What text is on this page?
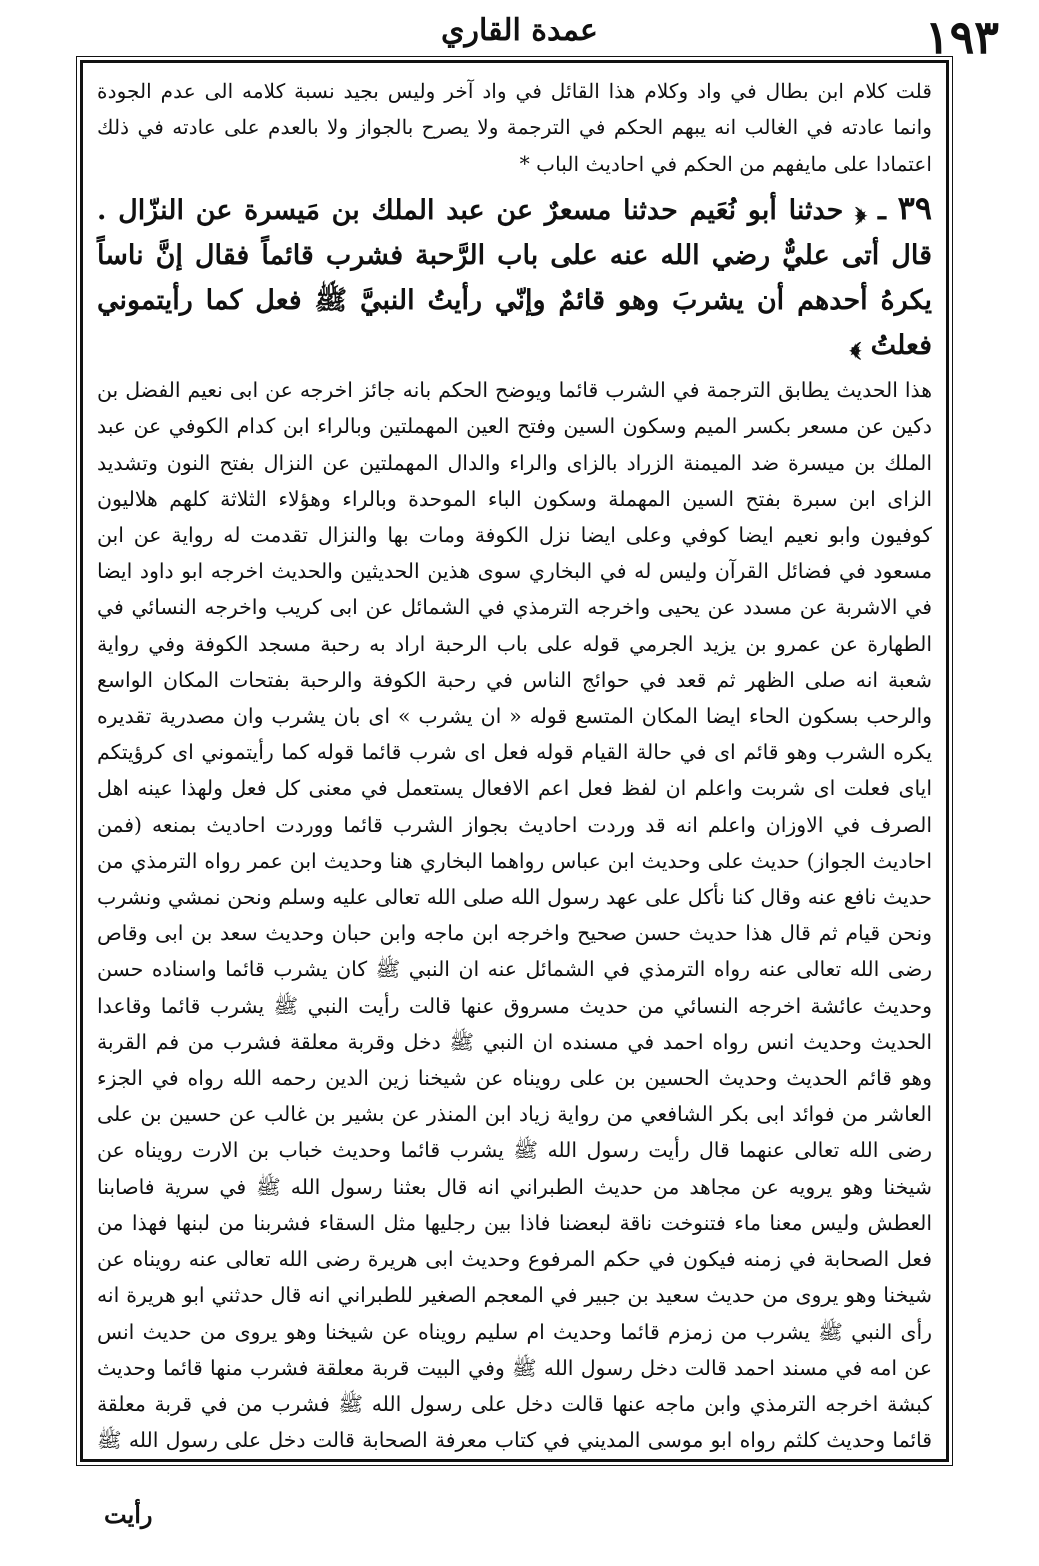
١٩٣
عمدة القاري

قلت كلام ابن بطال في واد وكلام هذا القائل في واد آخر وليس بجيد نسبة كلامه الى عدم الجودة وانما عادته في الغالب انه يبهم الحكم في الترجمة ولا يصرح بالجواز ولا بالعدم على عادته في ذلك اعتمادا على مايفهم من الحكم في احاديث الباب *

٣٩ ـ ﴿ حدثنا أبو نُعَيم حدثنا مسعرٌ عن عبد الملك بن مَيسرة عن النزّال . قال أتى عليٌّ رضي الله عنه على باب الرَّحبة فشرب قائماً فقال إنَّ ناساً يكرهُ أحدهم أن يشربَ وهو قائمٌ وإنّي رأيتُ النبيَّ ﷺ فعل كما رأيتموني فعلتُ ﴾

هذا الحديث يطابق الترجمة في الشرب قائما ويوضح الحكم بانه جائز اخرجه عن ابى نعيم الفضل بن دكين عن مسعر بكسر الميم وسكون السين وفتح العين المهملتين وبالراء ابن كدام الكوفي عن عبد الملك بن ميسرة ضد الميمنة الزراد بالزاى والراء والدال المهملتين عن النزال بفتح النون وتشديد الزاى ابن سبرة بفتح السين المهملة وسكون الباء الموحدة وبالراء وهؤلاء الثلاثة كلهم هلاليون كوفيون وابو نعيم ايضا كوفي وعلى ايضا نزل الكوفة ومات بها والنزال تقدمت له رواية عن ابن مسعود في فضائل القرآن وليس له في البخاري سوى هذين الحديثين والحديث اخرجه ابو داود ايضا في الاشربة عن مسدد عن يحيى واخرجه الترمذي في الشمائل عن ابى كريب واخرجه النسائي في الطهارة عن عمرو بن يزيد الجرمي قوله على باب الرحبة اراد به رحبة مسجد الكوفة وفي رواية شعبة انه صلى الظهر ثم قعد في حوائج الناس في رحبة الكوفة والرحبة بفتحات المكان الواسع والرحب بسكون الحاء ايضا المكان المتسع قوله « ان يشرب » اى بان يشرب وان مصدرية تقديره يكره الشرب وهو قائم اى في حالة القيام قوله فعل اى شرب قائما قوله كما رأيتموني اى كرؤيتكم اياى فعلت اى شربت واعلم ان لفظ فعل اعم الافعال يستعمل في معنى كل فعل ولهذا عينه اهل الصرف في الاوزان واعلم انه قد وردت احاديث بجواز الشرب قائما ووردت احاديث بمنعه (فمن احاديث الجواز) حديث على وحديث ابن عباس رواهما البخاري هنا وحديث ابن عمر رواه الترمذي من حديث نافع عنه وقال كنا نأكل على عهد رسول الله صلى الله تعالى عليه وسلم ونحن نمشي ونشرب ونحن قيام ثم قال هذا حديث حسن صحيح واخرجه ابن ماجه وابن حبان وحديث سعد بن ابى وقاص رضى الله تعالى عنه رواه الترمذي في الشمائل عنه ان النبي ﷺ كان يشرب قائما واسناده حسن وحديث عائشة اخرجه النسائي من حديث مسروق عنها قالت رأيت النبي ﷺ يشرب قائما وقاعدا الحديث وحديث انس رواه احمد في مسنده ان النبي ﷺ دخل وقربة معلقة فشرب من فم القربة وهو قائم الحديث وحديث الحسين بن على رويناه عن شيخنا زين الدين رحمه الله رواه في الجزء العاشر من فوائد ابى بكر الشافعي من رواية زياد ابن المنذر عن بشير بن غالب عن حسين بن على رضى الله تعالى عنهما قال رأيت رسول الله ﷺ يشرب قائما وحديث خباب بن الارت رويناه عن شيخنا وهو يرويه عن مجاهد من حديث الطبراني انه قال بعثنا رسول الله ﷺ في سرية فاصابنا العطش وليس معنا ماء فتنوخت ناقة لبعضنا فاذا بين رجليها مثل السقاء فشربنا من لبنها فهذا من فعل الصحابة في زمنه فيكون في حكم المرفوع وحديث ابى هريرة رضى الله تعالى عنه رويناه عن شيخنا وهو يروى من حديث سعيد بن جبير في المعجم الصغير للطبراني انه قال حدثني ابو هريرة انه رأى النبي ﷺ يشرب من زمزم قائما وحديث ام سليم رويناه عن شيخنا وهو يروى من حديث انس عن امه في مسند احمد قالت دخل رسول الله ﷺ وفي البيت قربة معلقة فشرب منها قائما وحديث كبشة اخرجه الترمذي وابن ماجه عنها قالت دخل على رسول الله ﷺ فشرب من في قربة معلقة قائما وحديث كلثم رواه ابو موسى المديني في كتاب معرفة الصحابة قالت دخل على رسول الله ﷺ

رأيت
